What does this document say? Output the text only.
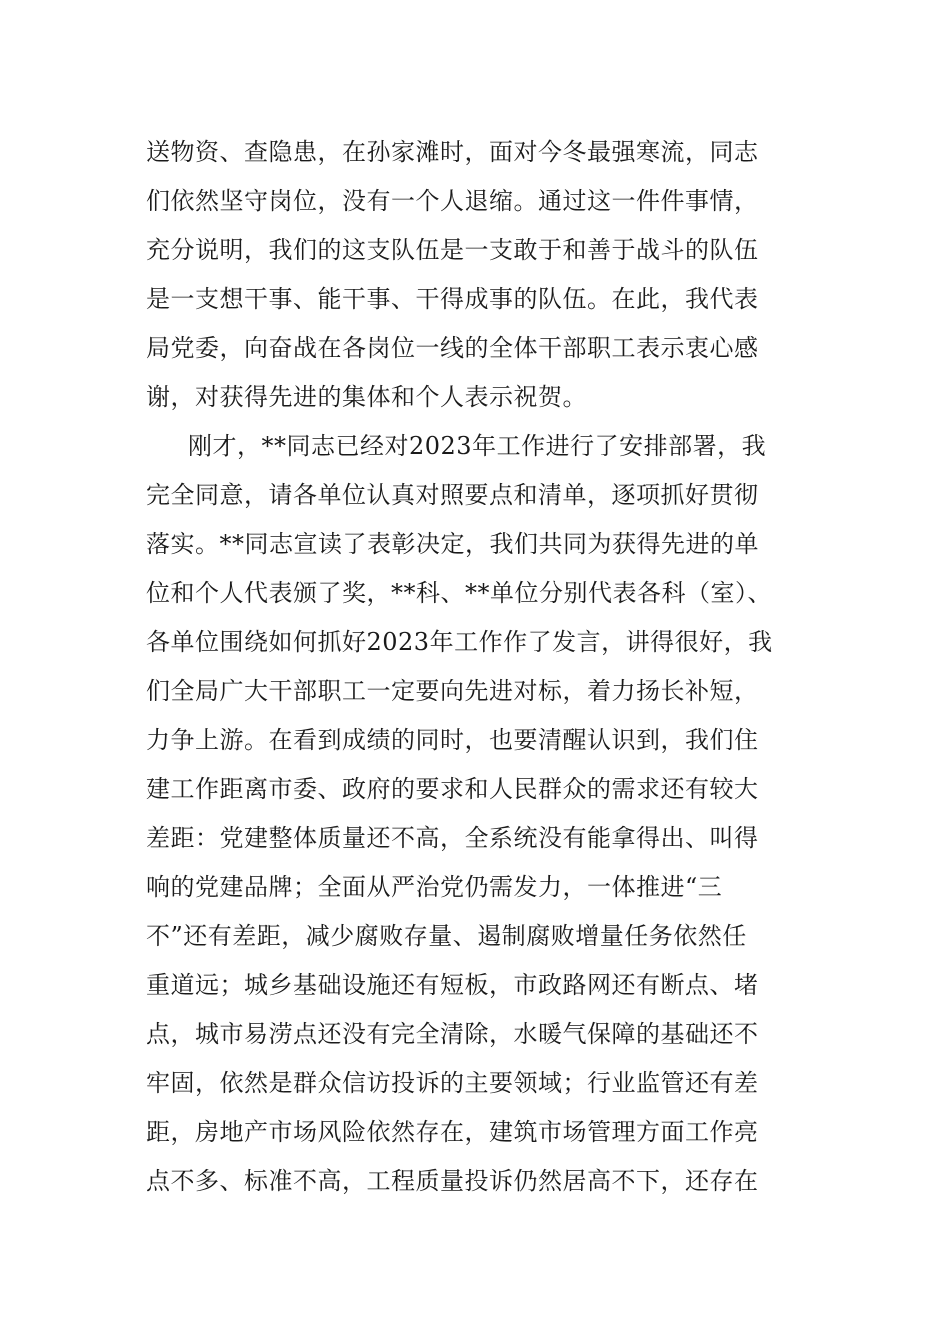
送物资、查隐患，在孙家滩时，面对今冬最强寒流，同志
们依然坚守岗位，没有一个人退缩。通过这一件件事情，
充分说明，我们的这支队伍是一支敢于和善于战斗的队伍
是一支想干事、能干事、干得成事的队伍。在此，我代表
局党委，向奋战在各岗位一线的全体干部职工表示衷心感
谢，对获得先进的集体和个人表示祝贺。
刚才，**同志已经对2023年工作进行了安排部署，我
完全同意，请各单位认真对照要点和清单，逐项抓好贯彻
落实。**同志宣读了表彰决定，我们共同为获得先进的单
位和个人代表颁了奖，**科、**单位分别代表各科（室）、
各单位围绕如何抓好2023年工作作了发言，讲得很好，我
们全局广大干部职工一定要向先进对标，着力扬长补短，
力争上游。在看到成绩的同时，也要清醒认识到，我们住
建工作距离市委、政府的要求和人民群众的需求还有较大
差距：党建整体质量还不高，全系统没有能拿得出、叫得
响的党建品牌；全面从严治党仍需发力，一体推进“三
不”还有差距，减少腐败存量、遏制腐败增量任务依然任
重道远；城乡基础设施还有短板，市政路网还有断点、堵
点，城市易涝点还没有完全清除，水暖气保障的基础还不
牢固，依然是群众信访投诉的主要领域；行业监管还有差
距，房地产市场风险依然存在，建筑市场管理方面工作亮
点不多、标准不高，工程质量投诉仍然居高不下，还存在
